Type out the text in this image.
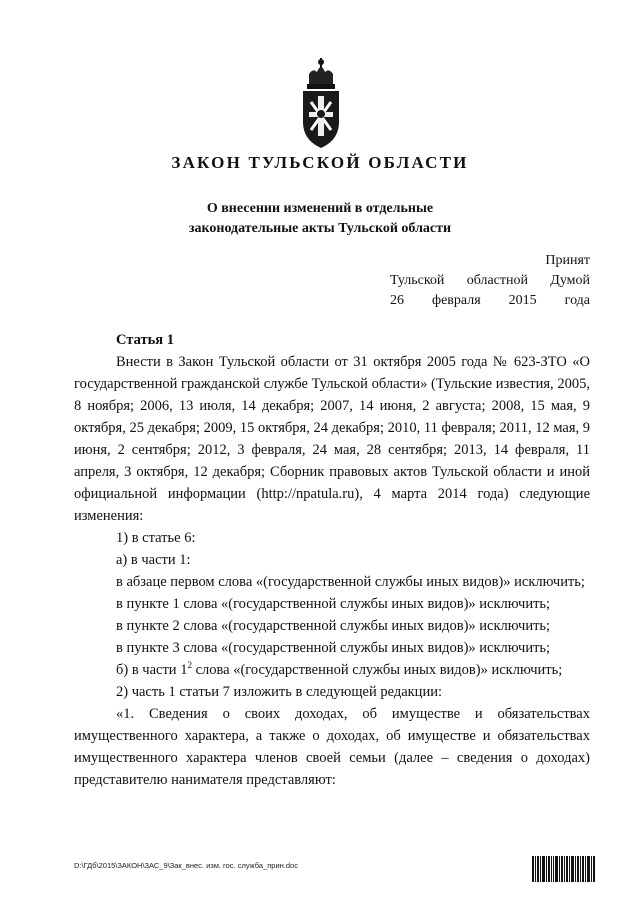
ЗАКОН ТУЛЬСКОЙ ОБЛАСТИ
О внесении изменений в отдельные
законодательные акты Тульской области
Принят
Тульской областной Думой
26 февраля 2015 года
Статья 1

Внести в Закон Тульской области от 31 октября 2005 года № 623-ЗТО «О государственной гражданской службе Тульской области» (Тульские известия, 2005, 8 ноября; 2006, 13 июля, 14 декабря; 2007, 14 июня, 2 августа; 2008, 15 мая, 9 октября, 25 декабря; 2009, 15 октября, 24 декабря; 2010, 11 февраля; 2011, 12 мая, 9 июня, 2 сентября; 2012, 3 февраля, 24 мая, 28 сентября; 2013, 14 февраля, 11 апреля, 3 октября, 12 декабря; Сборник правовых актов Тульской области и иной официальной информации (http://npatula.ru), 4 марта 2014 года) следующие изменения:

1) в статье 6:

а) в части 1:

в абзаце первом слова «(государственной службы иных видов)» исключить;

в пункте 1 слова «(государственной службы иных видов)» исключить;

в пункте 2 слова «(государственной службы иных видов)» исключить;

в пункте 3 слова «(государственной службы иных видов)» исключить;

б) в части $1^2$ слова «(государственной службы иных видов)» исключить;

2) часть 1 статьи 7 изложить в следующей редакции:

«1. Сведения о своих доходах, об имуществе и обязательствах имущественного характера, а также о доходах, об имуществе и обязательствах имущественного характера членов своей семьи (далее – сведения о доходах) представителю нанимателя представляют:

D:\ГДб\2015\ЗАКОН\ЗАС_9\Зак_внес. изм. гос. служба_прин.doc
